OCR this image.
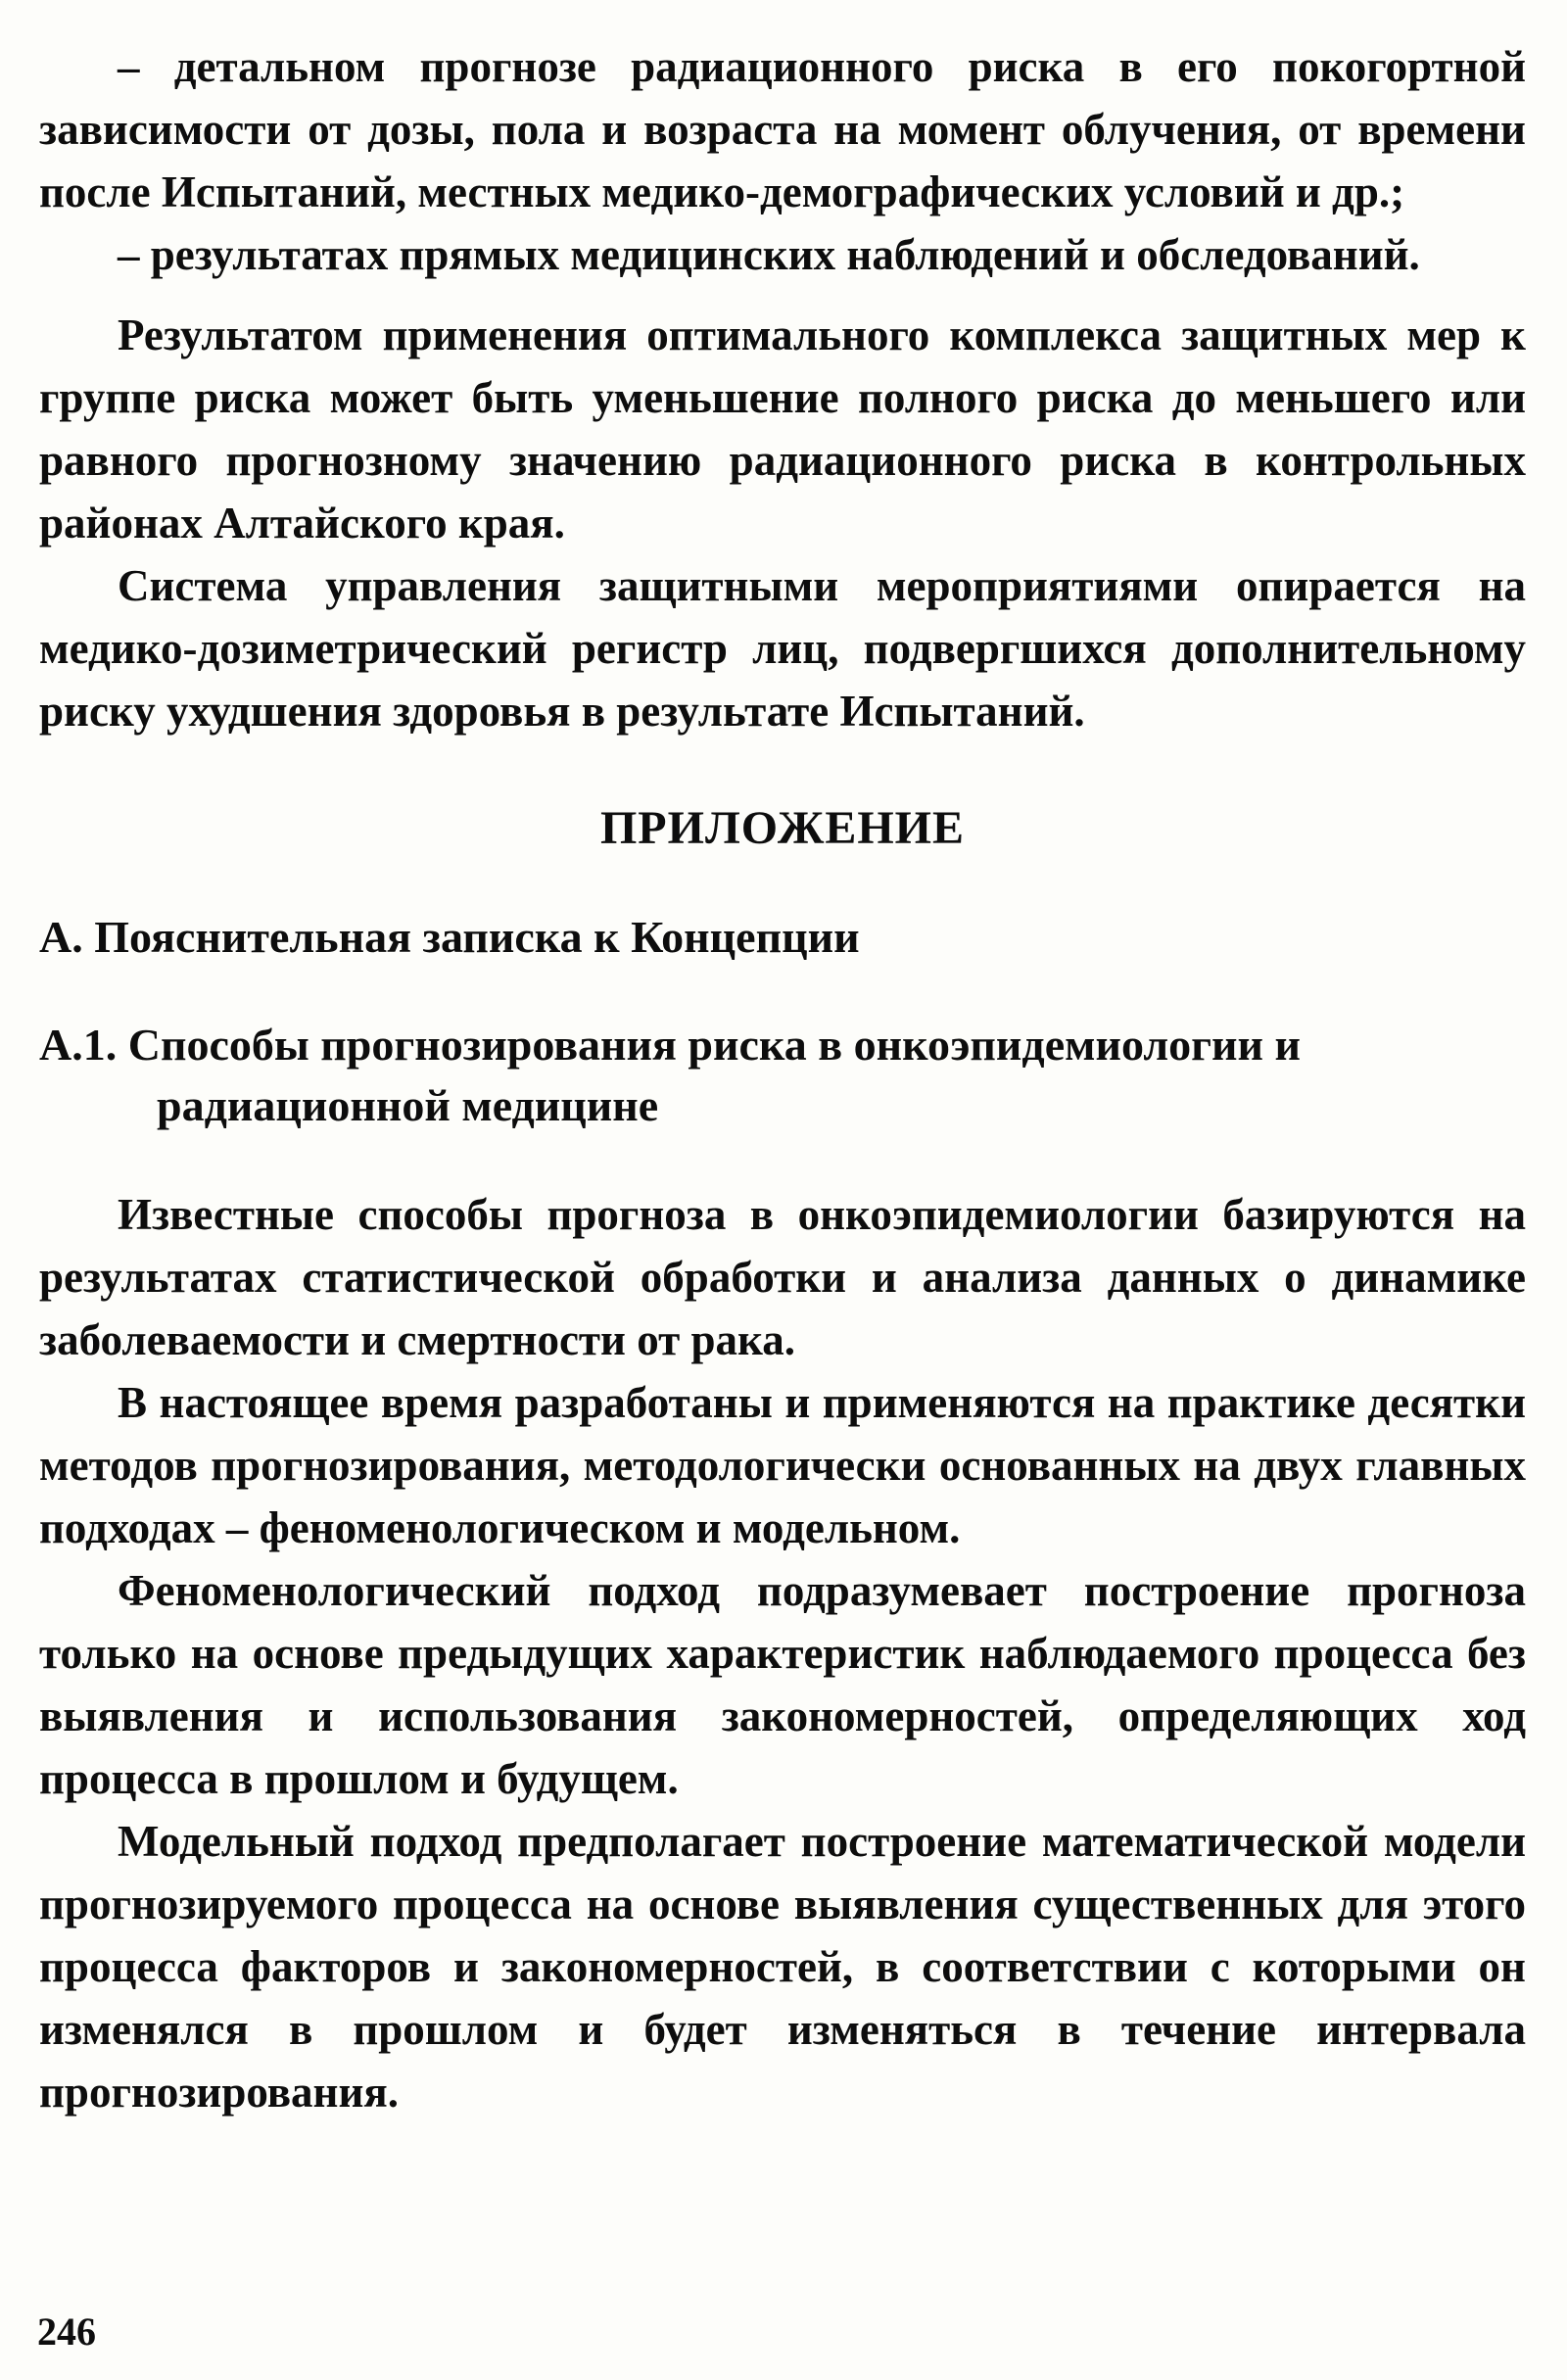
– детальном прогнозе радиационного риска в его покогортной зависимости от дозы, пола и возраста на момент облучения, от времени после Испытаний, местных медико-демографических условий и др.;

– результатах прямых медицинских наблюдений и обследований.

Результатом применения оптимального комплекса защитных мер к группе риска может быть уменьшение полного риска до меньшего или равного прогнозному значению радиационного риска в контрольных районах Алтайского края.

Система управления защитными мероприятиями опирается на медико-дозиметрический регистр лиц, подвергшихся дополнительному риску ухудшения здоровья в результате Испытаний.

ПРИЛОЖЕНИЕ
А. Пояснительная записка к Концепции
А.1. Способы прогнозирования риска в онкоэпидемиологии и радиационной медицине

Известные способы прогноза в онкоэпидемиологии базируются на результатах статистической обработки и анализа данных о динамике заболеваемости и смертности от рака.

В настоящее время разработаны и применяются на практике десятки методов прогнозирования, методологически основанных на двух главных подходах – феноменологическом и модельном.

Феноменологический подход подразумевает построение прогноза только на основе предыдущих характеристик наблюдаемого процесса без выявления и использования закономерностей, определяющих ход процесса в прошлом и будущем.

Модельный подход предполагает построение математической модели прогнозируемого процесса на основе выявления существенных для этого процесса факторов и закономерностей, в соответствии с которыми он изменялся в прошлом и будет изменяться в течение интервала прогнозирования.

246
